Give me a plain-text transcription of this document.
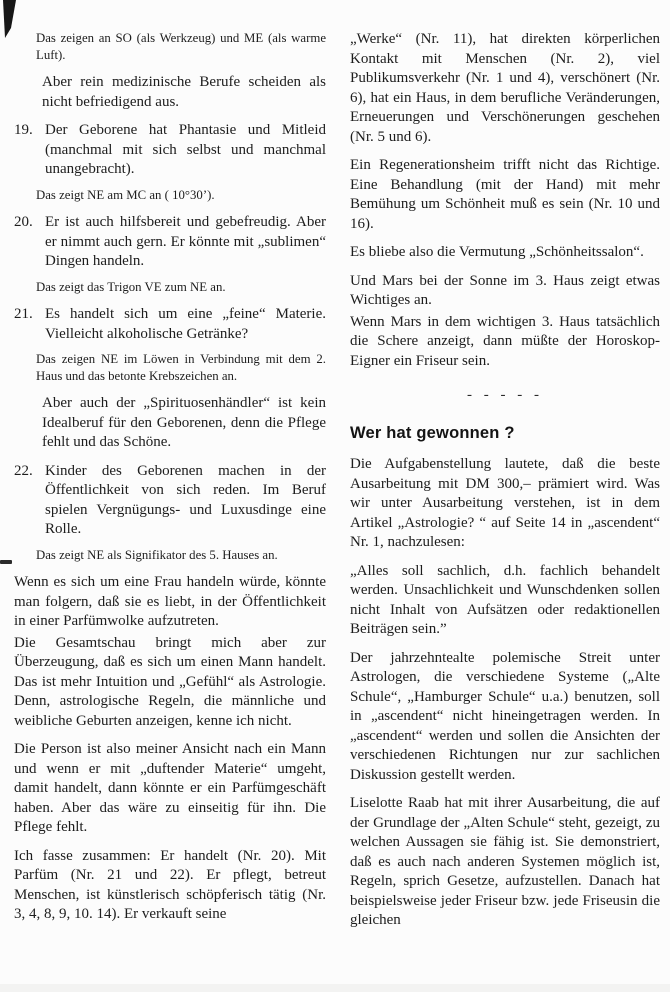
Das zeigen an SO (als Werkzeug) und ME (als warme Luft).
Aber rein medizinische Berufe scheiden als nicht befriedigend aus.
19. Der Geborene hat Phantasie und Mitleid (manchmal mit sich selbst und manchmal unangebracht).
Das zeigt NE am MC an ( 10°30’).
20. Er ist auch hilfsbereit und gebefreudig. Aber er nimmt auch gern. Er könnte mit „sublimen“ Dingen handeln.
Das zeigt das Trigon VE zum NE an.
21. Es handelt sich um eine „feine“ Materie. Vielleicht alkoholische Getränke?
Das zeigen NE im Löwen in Verbindung mit dem 2. Haus und das betonte Krebszeichen an.
Aber auch der „Spirituosenhändler“ ist kein Idealberuf für den Geborenen, denn die Pflege fehlt und das Schöne.
22. Kinder des Geborenen machen in der Öffentlichkeit von sich reden. Im Beruf spielen Vergnügungs- und Luxusdinge eine Rolle.
Das zeigt NE als Signifikator des 5. Hauses an.
Wenn es sich um eine Frau handeln würde, könnte man folgern, daß sie es liebt, in der Öffentlichkeit in einer Parfümwolke aufzutreten.
Die Gesamtschau bringt mich aber zur Überzeugung, daß es sich um einen Mann handelt. Das ist mehr Intuition und „Gefühl“ als Astrologie. Denn, astrologische Regeln, die männliche und weibliche Geburten anzeigen, kenne ich nicht.
Die Person ist also meiner Ansicht nach ein Mann und wenn er mit „duftender Materie“ umgeht, damit handelt, dann könnte er ein Parfümgeschäft haben. Aber das wäre zu einseitig für ihn. Die Pflege fehlt.
Ich fasse zusammen: Er handelt (Nr. 20). Mit Parfüm (Nr. 21 und 22). Er pflegt, betreut Menschen, ist künstlerisch schöpferisch tätig (Nr. 3, 4, 8, 9, 10. 14). Er verkauft seine
„Werke“ (Nr. 11), hat direkten körperlichen Kontakt mit Menschen (Nr. 2), viel Publikumsverkehr (Nr. 1 und 4), verschönert (Nr. 6), hat ein Haus, in dem berufliche Veränderungen, Erneuerungen und Verschönerungen geschehen (Nr. 5 und 6).
Ein Regenerationsheim trifft nicht das Richtige. Eine Behandlung (mit der Hand) mit mehr Bemühung um Schönheit muß es sein (Nr. 10 und 16).
Es bliebe also die Vermutung „Schönheitssalon“.
Und Mars bei der Sonne im 3. Haus zeigt etwas Wichtiges an.
Wenn Mars in dem wichtigen 3. Haus tatsächlich die Schere anzeigt, dann müßte der Horoskop-Eigner ein Friseur sein.
- - - - -
Wer hat gewonnen ?
Die Aufgabenstellung lautete, daß die beste Ausarbeitung mit DM 300,– prämiert wird. Was wir unter Ausarbeitung verstehen, ist in dem Artikel „Astrologie? “ auf Seite 14 in „ascendent“ Nr. 1, nachzulesen:
„Alles soll sachlich, d.h. fachlich behandelt werden. Unsachlichkeit und Wunschdenken sollen nicht Inhalt von Aufsätzen oder redaktionellen Beiträgen sein.”
Der jahrzehntealte polemische Streit unter Astrologen, die verschiedene Systeme („Alte Schule“, „Hamburger Schule“ u.a.) benutzen, soll in „ascendent“ nicht hineingetragen werden. In „ascendent“ werden und sollen die Ansichten der verschiedenen Richtungen nur zur sachlichen Diskussion gestellt werden.
Liselotte Raab hat mit ihrer Ausarbeitung, die auf der Grundlage der „Alten Schule“ steht, gezeigt, zu welchen Aussagen sie fähig ist. Sie demonstriert, daß es auch nach anderen Systemen möglich ist, Regeln, sprich Gesetze, aufzustellen. Danach hat beispielsweise jeder Friseur bzw. jede Friseusin die gleichen
